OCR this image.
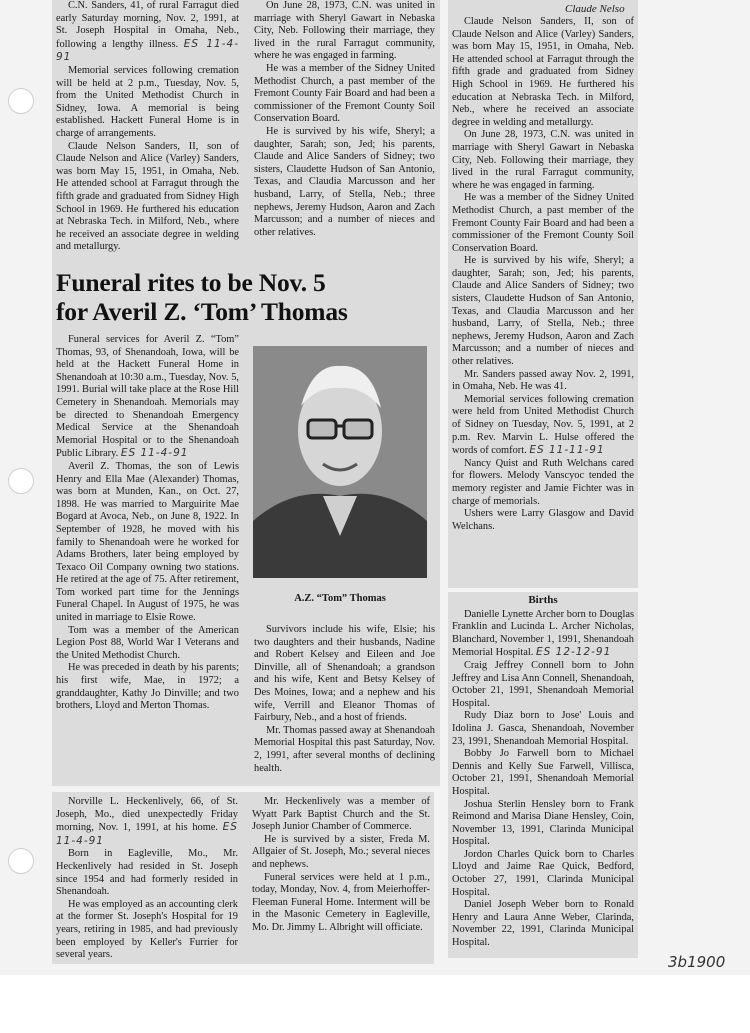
C.N. Sanders, 41, of rural Farragut died early Saturday morning, Nov. 2, 1991, at St. Joseph Hospital in Omaha, Neb., following a lengthy illness. ES 11-4-91

Memorial services following cremation will be held at 2 p.m., Tuesday, Nov. 5, from the United Methodist Church in Sidney, Iowa. A memorial is being established. Hackett Funeral Home is in charge of arrangements.

Claude Nelson Sanders, II, son of Claude Nelson and Alice (Varley) Sanders, was born May 15, 1951, in Omaha, Neb. He attended school at Farragut through the fifth grade and graduated from Sidney High School in 1969. He furthered his education at Nebraska Tech. in Milford, Neb., where he received an associate degree in welding and metallurgy.

On June 28, 1973, C.N. was united in marriage with Sheryl Gawart in Nebaska City, Neb. Following their marriage, they lived in the rural Farragut community, where he was engaged in farming.

He was a member of the Sidney United Methodist Church, a past member of the Fremont County Fair Board and had been a commissioner of the Fremont County Soil Conservation Board.

He is survived by his wife, Sheryl; a daughter, Sarah; son, Jed; his parents, Claude and Alice Sanders of Sidney; two sisters, Claudette Hudson of San Antonio, Texas, and Claudia Marcusson and her husband, Larry, of Stella, Neb.; three nephews, Jeremy Hudson, Aaron and Zach Marcusson; and a number of nieces and other relatives.

Funeral rites to be Nov. 5
for Averil Z. ‘Tom’ Thomas

Funeral services for Averil Z. “Tom” Thomas, 93, of Shenandoah, Iowa, will be held at the Hackett Funeral Home in Shenandoah at 10:30 a.m., Tuesday, Nov. 5, 1991. Burial will take place at the Rose Hill Cemetery in Shenandoah. Memorials may be directed to Shenandoah Emergency Medical Service at the Shenandoah Memorial Hospital or to the Shenandoah Public Library. ES 11-4-91

Averil Z. Thomas, the son of Lewis Henry and Ella Mae (Alexander) Thomas, was born at Munden, Kan., on Oct. 27, 1898. He was married to Marguirite Mae Bogard at Avoca, Neb., on June 8, 1922. In September of 1928, he moved with his family to Shenandoah were he worked for Adams Brothers, later being employed by Texaco Oil Company owning two stations. He retired at the age of 75. After retirement, Tom worked part time for the Jennings Funeral Chapel. In August of 1975, he was united in marriage to Elsie Rowe.

Tom was a member of the American Legion Post 88, World War I Veterans and the United Methodist Church.

He was preceded in death by his parents; his first wife, Mae, in 1972; a granddaughter, Kathy Jo Dinville; and two brothers, Lloyd and Merton Thomas.

A.Z. “Tom” Thomas

Survivors include his wife, Elsie; his two daughters and their husbands, Nadine and Robert Kelsey and Eileen and Joe Dinville, all of Shenandoah; a grandson and his wife, Kent and Betsy Kelsey of Des Moines, Iowa; and a nephew and his wife, Verrill and Eleanor Thomas of Fairbury, Neb., and a host of friends.

Mr. Thomas passed away at Shenandoah Memorial Hospital this past Saturday, Nov. 2, 1991, after several months of declining health.

Norville L. Heckenlively, 66, of St. Joseph, Mo., died unexpectedly Friday morning, Nov. 1, 1991, at his home. ES 11-4-91

Born in Eagleville, Mo., Mr. Heckenlively had resided in St. Joseph since 1954 and had formerly resided in Shenandoah.

He was employed as an accounting clerk at the former St. Joseph's Hospital for 19 years, retiring in 1985, and had previously been employed by Keller's Furrier for several years.

Mr. Heckenlively was a member of Wyatt Park Baptist Church and the St. Joseph Junior Chamber of Commerce.

He is survived by a sister, Freda M. Allgaier of St. Joseph, Mo.; several nieces and nephews.

Funeral services were held at 1 p.m., today, Monday, Nov. 4, from Meierhoffer-Fleeman Funeral Home. Interment will be in the Masonic Cemetery in Eagleville, Mo. Dr. Jimmy L. Albright will officiate.

Claude Nelso

Claude Nelson Sanders, II, son of Claude Nelson and Alice (Varley) Sanders, was born May 15, 1951, in Omaha, Neb. He attended school at Farragut through the fifth grade and graduated from Sidney High School in 1969. He furthered his education at Nebraska Tech. in Milford, Neb., where he received an associate degree in welding and metallurgy.

On June 28, 1973, C.N. was united in marriage with Sheryl Gawart in Nebaska City, Neb. Following their marriage, they lived in the rural Farragut community, where he was engaged in farming.

He was a member of the Sidney United Methodist Church, a past member of the Fremont County Fair Board and had been a commissioner of the Fremont County Soil Conservation Board.

He is survived by his wife, Sheryl; a daughter, Sarah; son, Jed; his parents, Claude and Alice Sanders of Sidney; two sisters, Claudette Hudson of San Antonio, Texas, and Claudia Marcusson and her husband, Larry, of Stella, Neb.; three nephews, Jeremy Hudson, Aaron and Zach Marcusson; and a number of nieces and other relatives.

Mr. Sanders passed away Nov. 2, 1991, in Omaha, Neb. He was 41.

Memorial services following cremation were held from United Methodist Church of Sidney on Tuesday, Nov. 5, 1991, at 2 p.m. Rev. Marvin L. Hulse offered the words of comfort. ES 11-11-91

Nancy Quist and Ruth Welchans cared for flowers. Melody Vanscyoc tended the memory register and Jamie Fichter was in charge of memorials.

Ushers were Larry Glasgow and David Welchans.

Births

Danielle Lynette Archer born to Douglas Franklin and Lucinda L. Archer Nicholas, Blanchard, November 1, 1991, Shenandoah Memorial Hospital. ES 12-12-91

Craig Jeffrey Connell born to John Jeffrey and Lisa Ann Connell, Shenandoah, October 21, 1991, Shenandoah Memorial Hospital.

Rudy Diaz born to Jose' Louis and Idolina J. Gasca, Shenandoah, November 23, 1991, Shenandoah Memorial Hospital.

Bobby Jo Farwell born to Michael Dennis and Kelly Sue Farwell, Villisca, October 21, 1991, Shenandoah Memorial Hospital.

Joshua Sterlin Hensley born to Frank Reimond and Marisa Diane Hensley, Coin, November 13, 1991, Clarinda Municipal Hospital.

Jordon Charles Quick born to Charles Lloyd and Jaime Rae Quick, Bedford, October 27, 1991, Clarinda Municipal Hospital.

Daniel Joseph Weber born to Ronald Henry and Laura Anne Weber, Clarinda, November 22, 1991, Clarinda Municipal Hospital.

3b1900
